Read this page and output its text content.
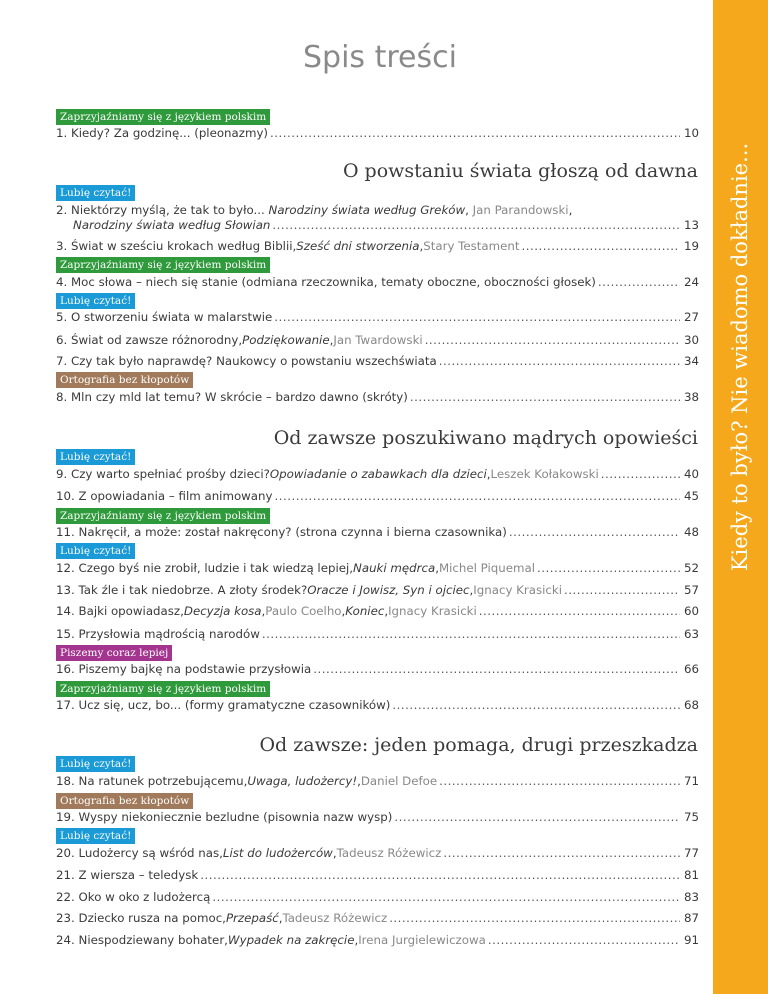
Kiedy to było? Nie wiadomo dokładnie...
Spis treści
Zaprzyjaźniamy się z językiem polskim
1. Kiedy? Za godzinę... (pleonazmy) .....	10
O powstaniu świata głoszą od dawna
Lubię czytać!
2. Niektórzy myślą, że tak to było... Narodziny świata według Greków, Jan Parandowski,
Narodziny świata według Słowian .....	13
3. Świat w sześciu krokach według Biblii, Sześć dni stworzenia , Stary Testament .....	19
Zaprzyjaźniamy się z językiem polskim
4. Moc słowa – niech się stanie (odmiana rzeczownika, tematy oboczne, oboczności głosek) .....	24
Lubię czytać!
5. O stworzeniu świata w malarstwie .....	27
6. Świat od zawsze różnorodny, Podziękowanie , Jan Twardowski .....	30
7. Czy tak było naprawdę? Naukowcy o powstaniu wszechświata .....	34
Ortografia bez kłopotów
8. Mln czy mld lat temu? W skrócie – bardzo dawno (skróty) .....	38
Od zawsze poszukiwano mądrych opowieści
Lubię czytać!
9. Czy warto spełniać prośby dzieci? Opowiadanie o zabawkach dla dzieci , Leszek Kołakowski .....	40
10. Z opowiadania – film animowany .....	45
Zaprzyjaźniamy się z językiem polskim
11. Nakręcił, a może: został nakręcony? (strona czynna i bierna czasownika) .....	48
Lubię czytać!
12. Czego byś nie zrobił, ludzie i tak wiedzą lepiej, Nauki mędrca , Michel Piquemal .....	52
13. Tak źle i tak niedobrze. A złoty środek? Oracze i Jowisz, Syn i ojciec , Ignacy Krasicki .....	57
14. Bajki opowiadasz, Decyzja kosa , Paulo Coelho , Koniec , Ignacy Krasicki .....	60
15. Przysłowia mądrością narodów .....	63
Piszemy coraz lepiej
16. Piszemy bajkę na podstawie przysłowia .....	66
Zaprzyjaźniamy się z językiem polskim
17. Ucz się, ucz, bo... (formy gramatyczne czasowników) .....	68
Od zawsze: jeden pomaga, drugi przeszkadza
Lubię czytać!
18. Na ratunek potrzebującemu, Uwaga, ludożercy! , Daniel Defoe .....	71
Ortografia bez kłopotów
19. Wyspy niekoniecznie bezludne (pisownia nazw wysp) .....	75
Lubię czytać!
20. Ludożercy są wśród nas, List do ludożerców , Tadeusz Różewicz .....	77
21. Z wiersza – teledysk .....	81
22. Oko w oko z ludożercą .....	83
23. Dziecko rusza na pomoc, Przepaść , Tadeusz Różewicz .....	87
24. Niespodziewany bohater, Wypadek na zakręcie , Irena Jurgielewiczowa .....	91
